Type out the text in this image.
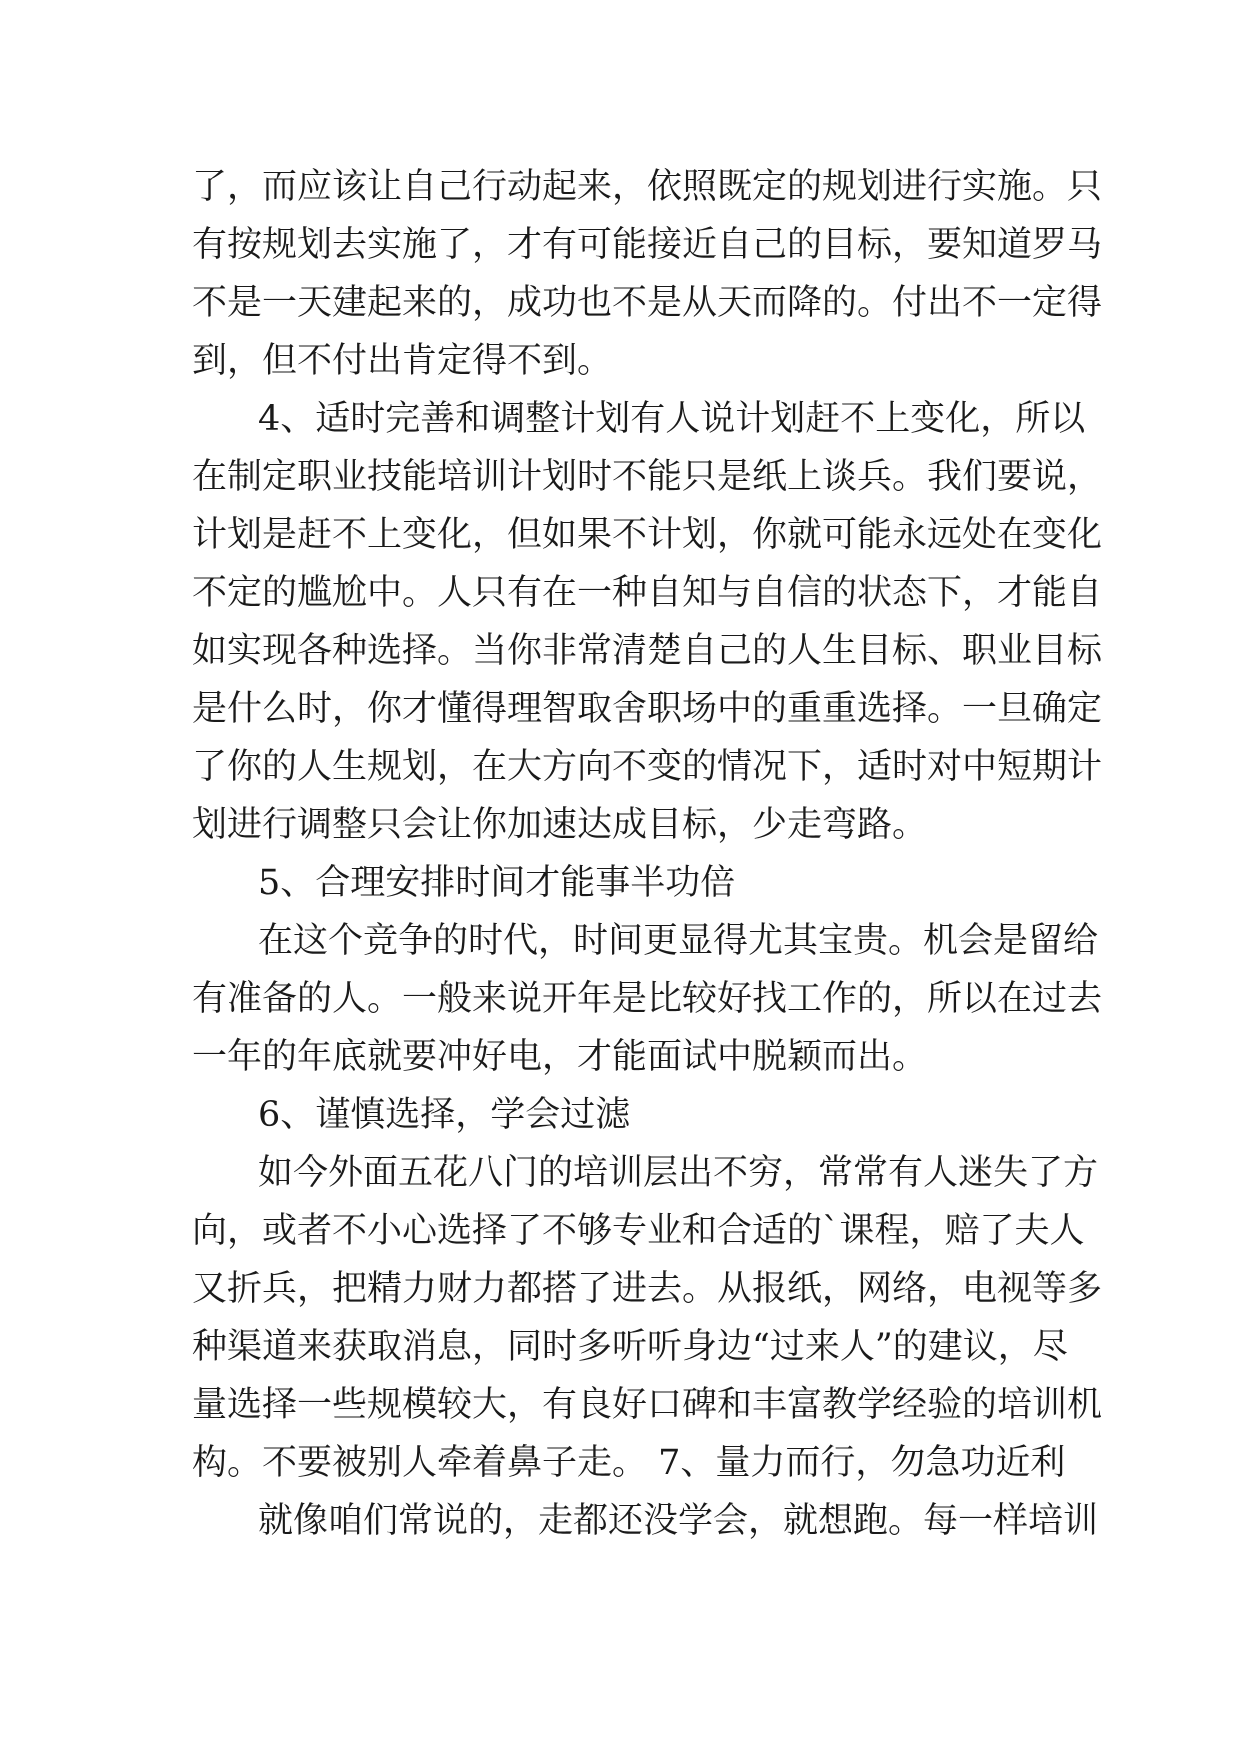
了，而应该让自己行动起来，依照既定的规划进行实施。只
有按规划去实施了，才有可能接近自己的目标，要知道罗马
不是一天建起来的，成功也不是从天而降的。付出不一定得
到，但不付出肯定得不到。
4、适时完善和调整计划有人说计划赶不上变化，所以
在制定职业技能培训计划时不能只是纸上谈兵。我们要说，
计划是赶不上变化，但如果不计划，你就可能永远处在变化
不定的尴尬中。人只有在一种自知与自信的状态下，才能自
如实现各种选择。当你非常清楚自己的人生目标、职业目标
是什么时，你才懂得理智取舍职场中的重重选择。一旦确定
了你的人生规划，在大方向不变的情况下，适时对中短期计
划进行调整只会让你加速达成目标，少走弯路。
5、合理安排时间才能事半功倍
在这个竞争的时代，时间更显得尤其宝贵。机会是留给
有准备的人。一般来说开年是比较好找工作的，所以在过去
一年的年底就要冲好电，才能面试中脱颖而出。
6、谨慎选择，学会过滤
如今外面五花八门的培训层出不穷，常常有人迷失了方
向，或者不小心选择了不够专业和合适的`课程，赔了夫人
又折兵，把精力财力都搭了进去。从报纸，网络，电视等多
种渠道来获取消息，同时多听听身边“过来人”的建议，尽
量选择一些规模较大，有良好口碑和丰富教学经验的培训机
构。不要被别人牵着鼻子走。 7、量力而行，勿急功近利
就像咱们常说的，走都还没学会，就想跑。每一样培训
